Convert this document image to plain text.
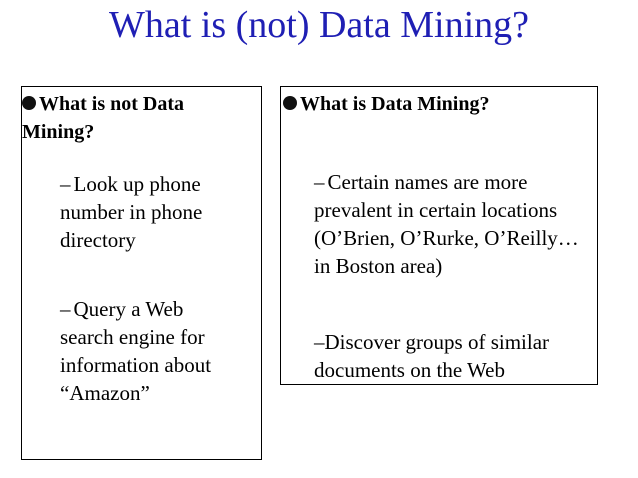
What is (not) Data Mining?
What is not Data
Mining?
– Look up phone
number in phone
directory
– Query a Web
search engine for
information about
“Amazon”
What is Data Mining?
– Certain names are more
prevalent in certain locations
(O’Brien, O’Rurke, O’Reilly…
in Boston area)
–Discover groups of similar
documents on the Web
